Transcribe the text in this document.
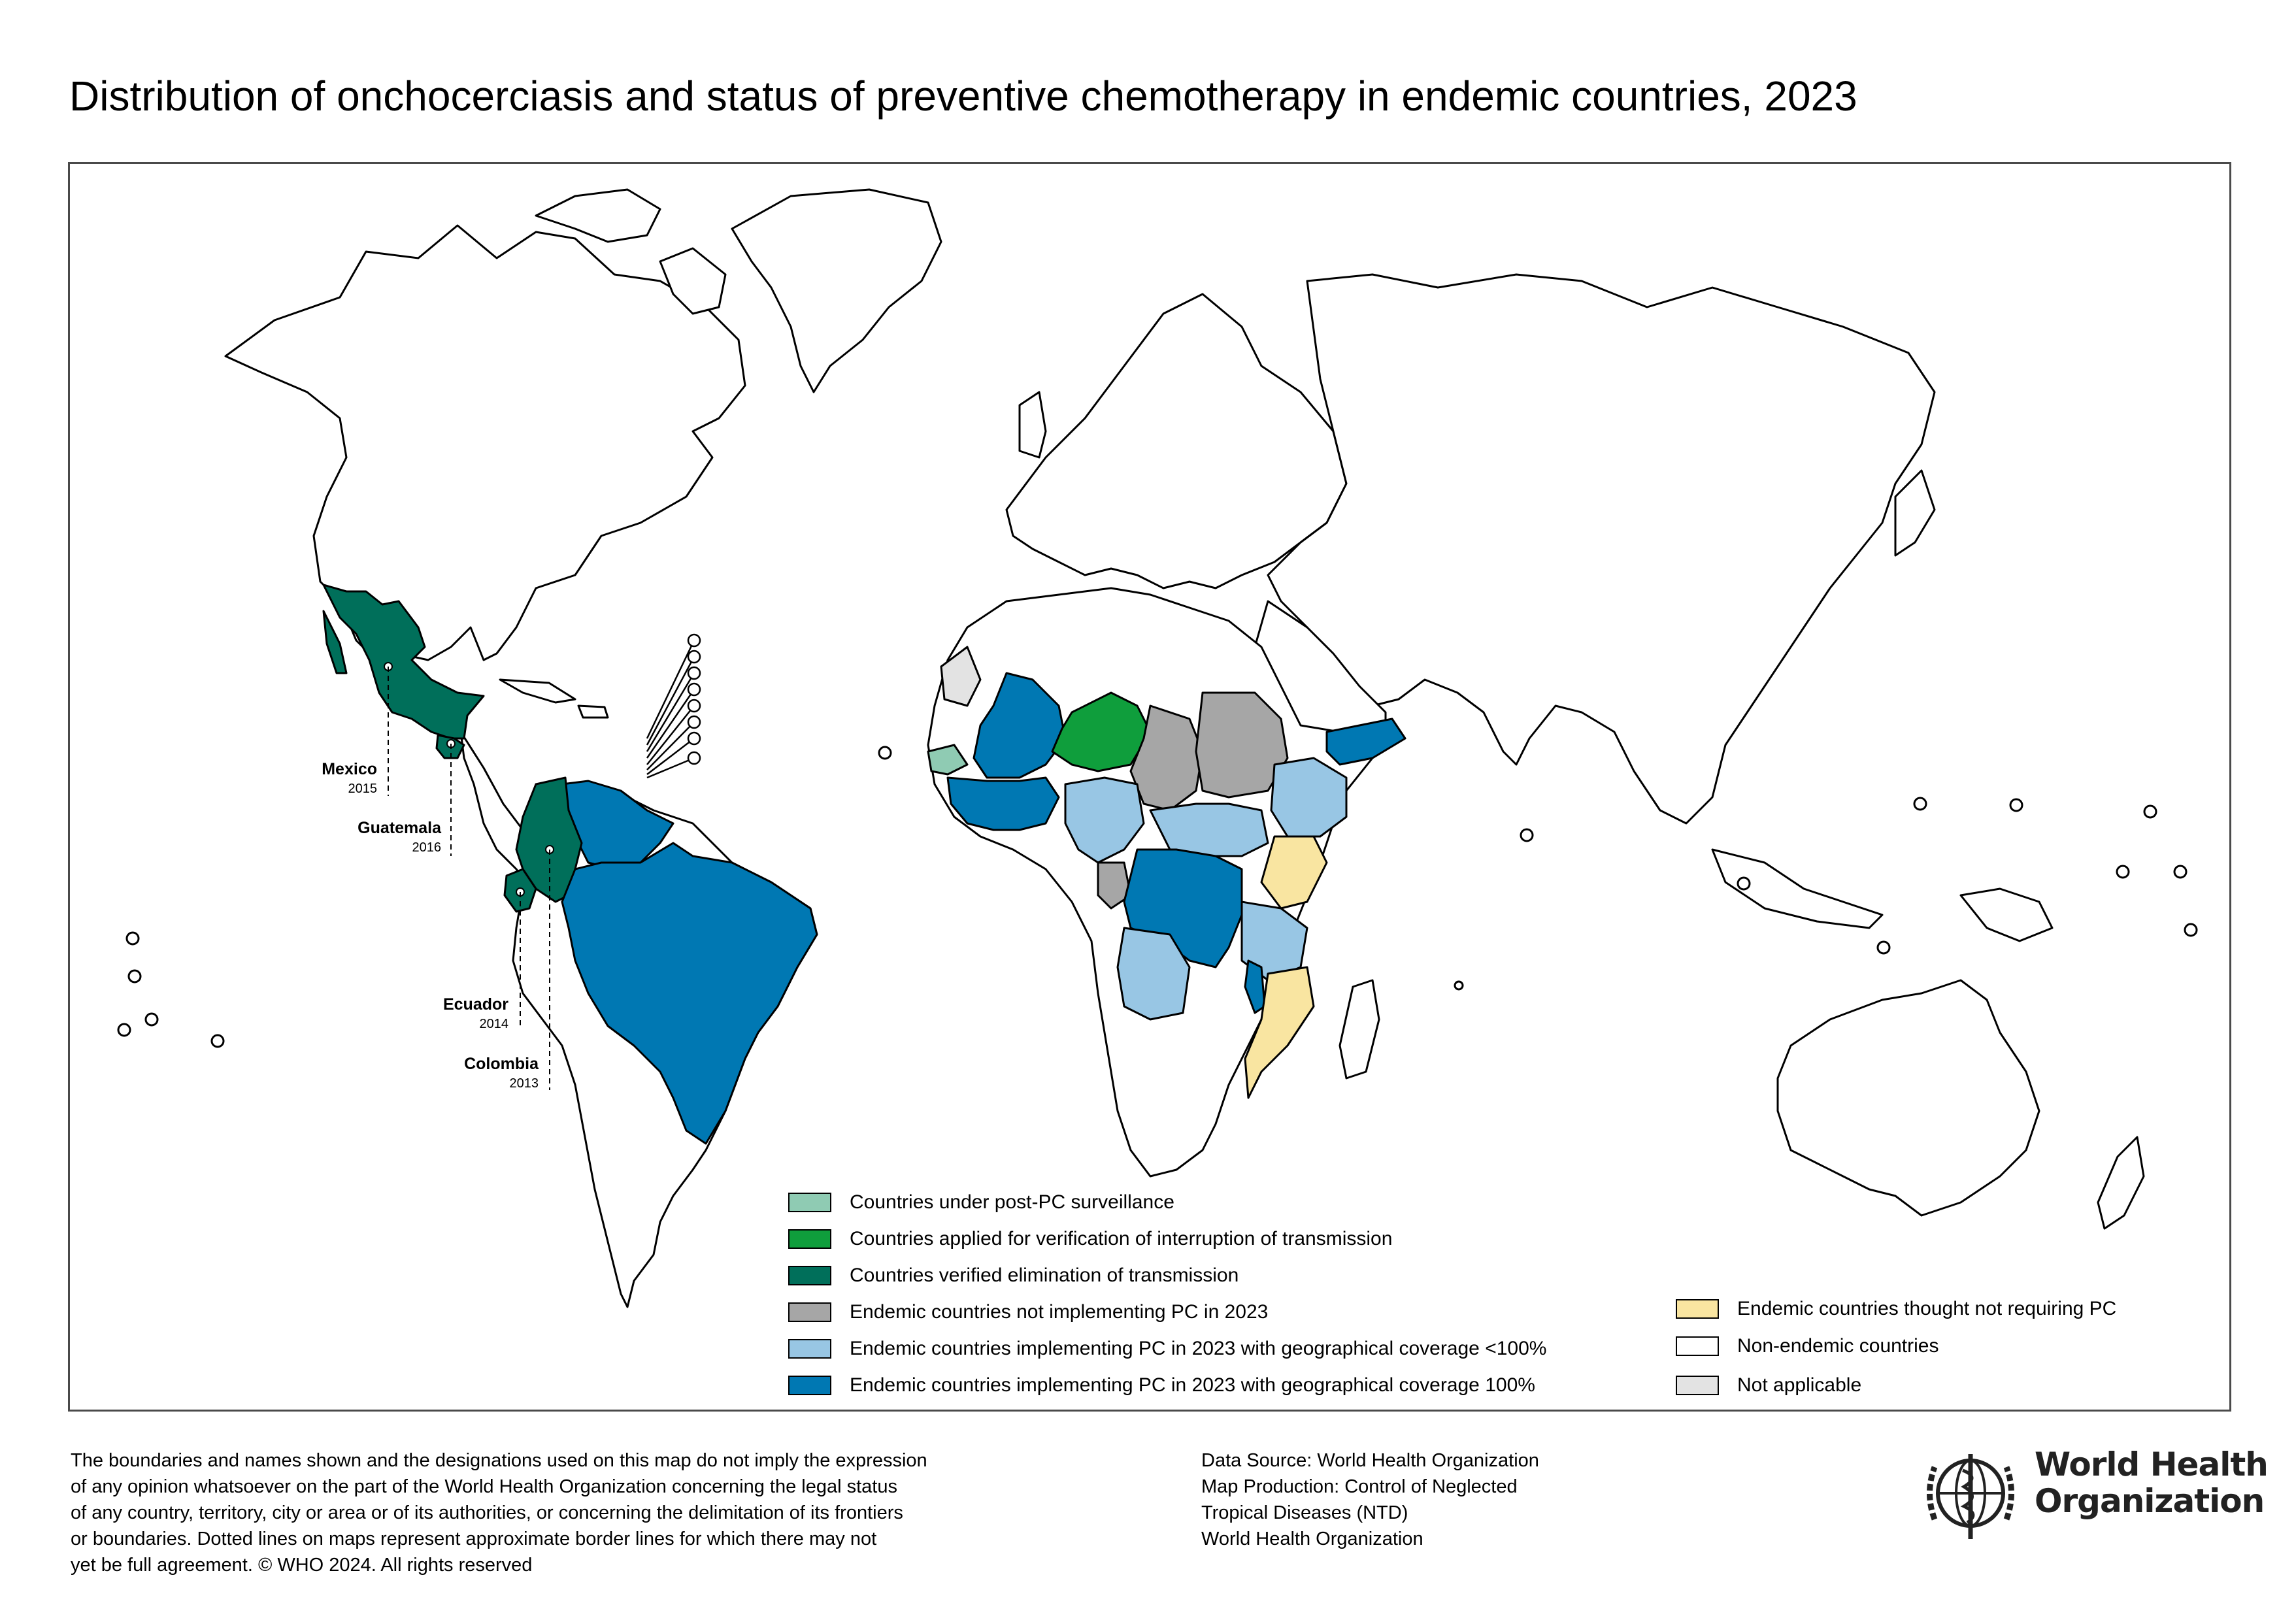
Distribution of onchocerciasis and status of preventive chemotherapy in endemic countries, 2023
Mexico
2015
Guatemala
2016
Ecuador
2014
Colombia
2013
Countries under post-PC surveillance
Countries applied for verification of interruption of transmission
Countries verified elimination of transmission
Endemic countries not implementing PC in 2023
Endemic countries implementing PC in 2023 with geographical coverage <100%
Endemic countries implementing PC in 2023 with geographical coverage 100%
Endemic countries thought not requiring PC
Non-endemic countries
Not applicable
The boundaries and names shown and the designations used on this map do not imply the expression
of any opinion whatsoever on the part of the World Health Organization concerning the legal status
of any country, territory, city or area or of its authorities, or concerning the delimitation of its frontiers
or boundaries. Dotted lines on maps represent approximate border lines for which there may not
yet be full agreement. © WHO 2024. All rights reserved
Data Source: World Health Organization
Map Production: Control of Neglected
Tropical Diseases (NTD)
World Health Organization
World Health
Organization
